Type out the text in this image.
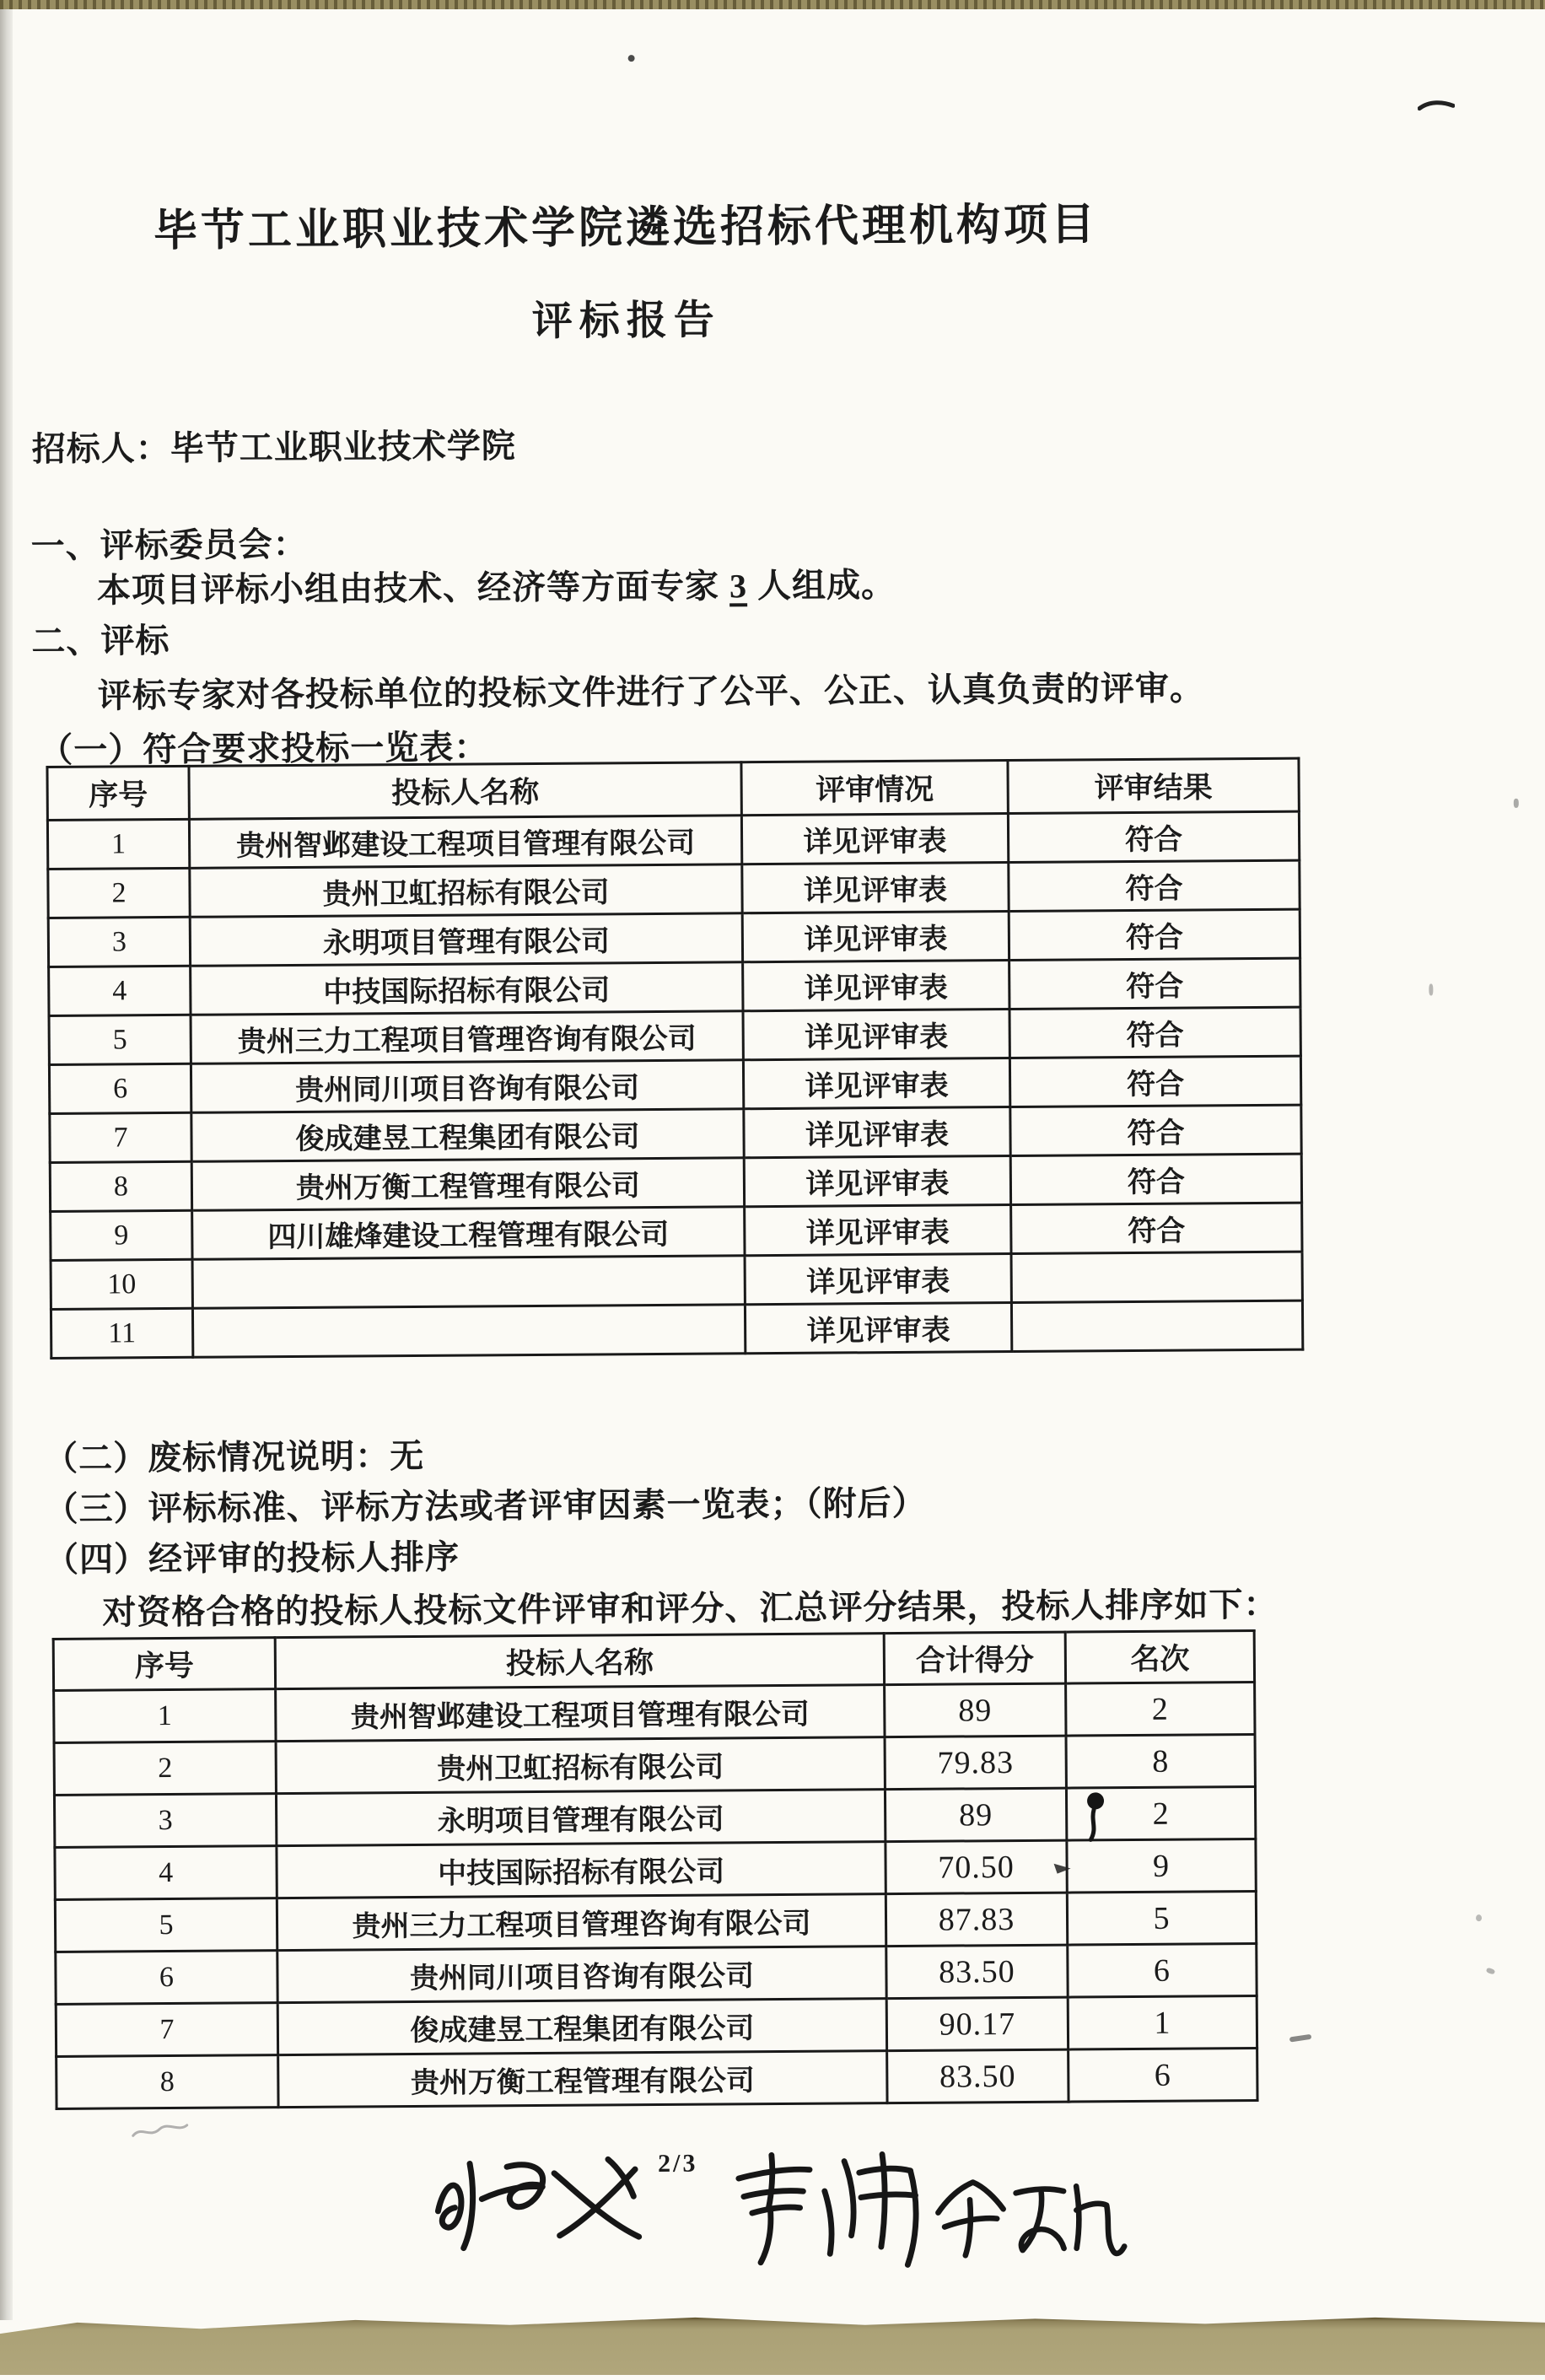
毕节工业职业技术学院遴选招标代理机构项目
评标报告
招标人：毕节工业职业技术学院
一、评标委员会：
本项目评标小组由技术、经济等方面专家 3 人组成。
二、评标
评标专家对各投标单位的投标文件进行了公平、公正、认真负责的评审。
（一）符合要求投标一览表：
序号	投标人名称	评审情况	评审结果
1	贵州智邺建设工程项目管理有限公司	详见评审表	符合
2	贵州卫虹招标有限公司	详见评审表	符合
3	永明项目管理有限公司	详见评审表	符合
4	中技国际招标有限公司	详见评审表	符合
5	贵州三力工程项目管理咨询有限公司	详见评审表	符合
6	贵州同川项目咨询有限公司	详见评审表	符合
7	俊成建昱工程集团有限公司	详见评审表	符合
8	贵州万衡工程管理有限公司	详见评审表	符合
9	四川雄烽建设工程管理有限公司	详见评审表	符合
10		详见评审表	
11		详见评审表	
（二）废标情况说明：无
（三）评标标准、评标方法或者评审因素一览表；（附后）
（四）经评审的投标人排序
对资格合格的投标人投标文件评审和评分、汇总评分结果，投标人排序如下：
序号	投标人名称	合计得分	名次
1	贵州智邺建设工程项目管理有限公司	89	2
2	贵州卫虹招标有限公司	79.83	8
3	永明项目管理有限公司	89	2
4	中技国际招标有限公司	70.50	9
5	贵州三力工程项目管理咨询有限公司	87.83	5
6	贵州同川项目咨询有限公司	83.50	6
7	俊成建昱工程集团有限公司	90.17	1
8	贵州万衡工程管理有限公司	83.50	6
2/3
